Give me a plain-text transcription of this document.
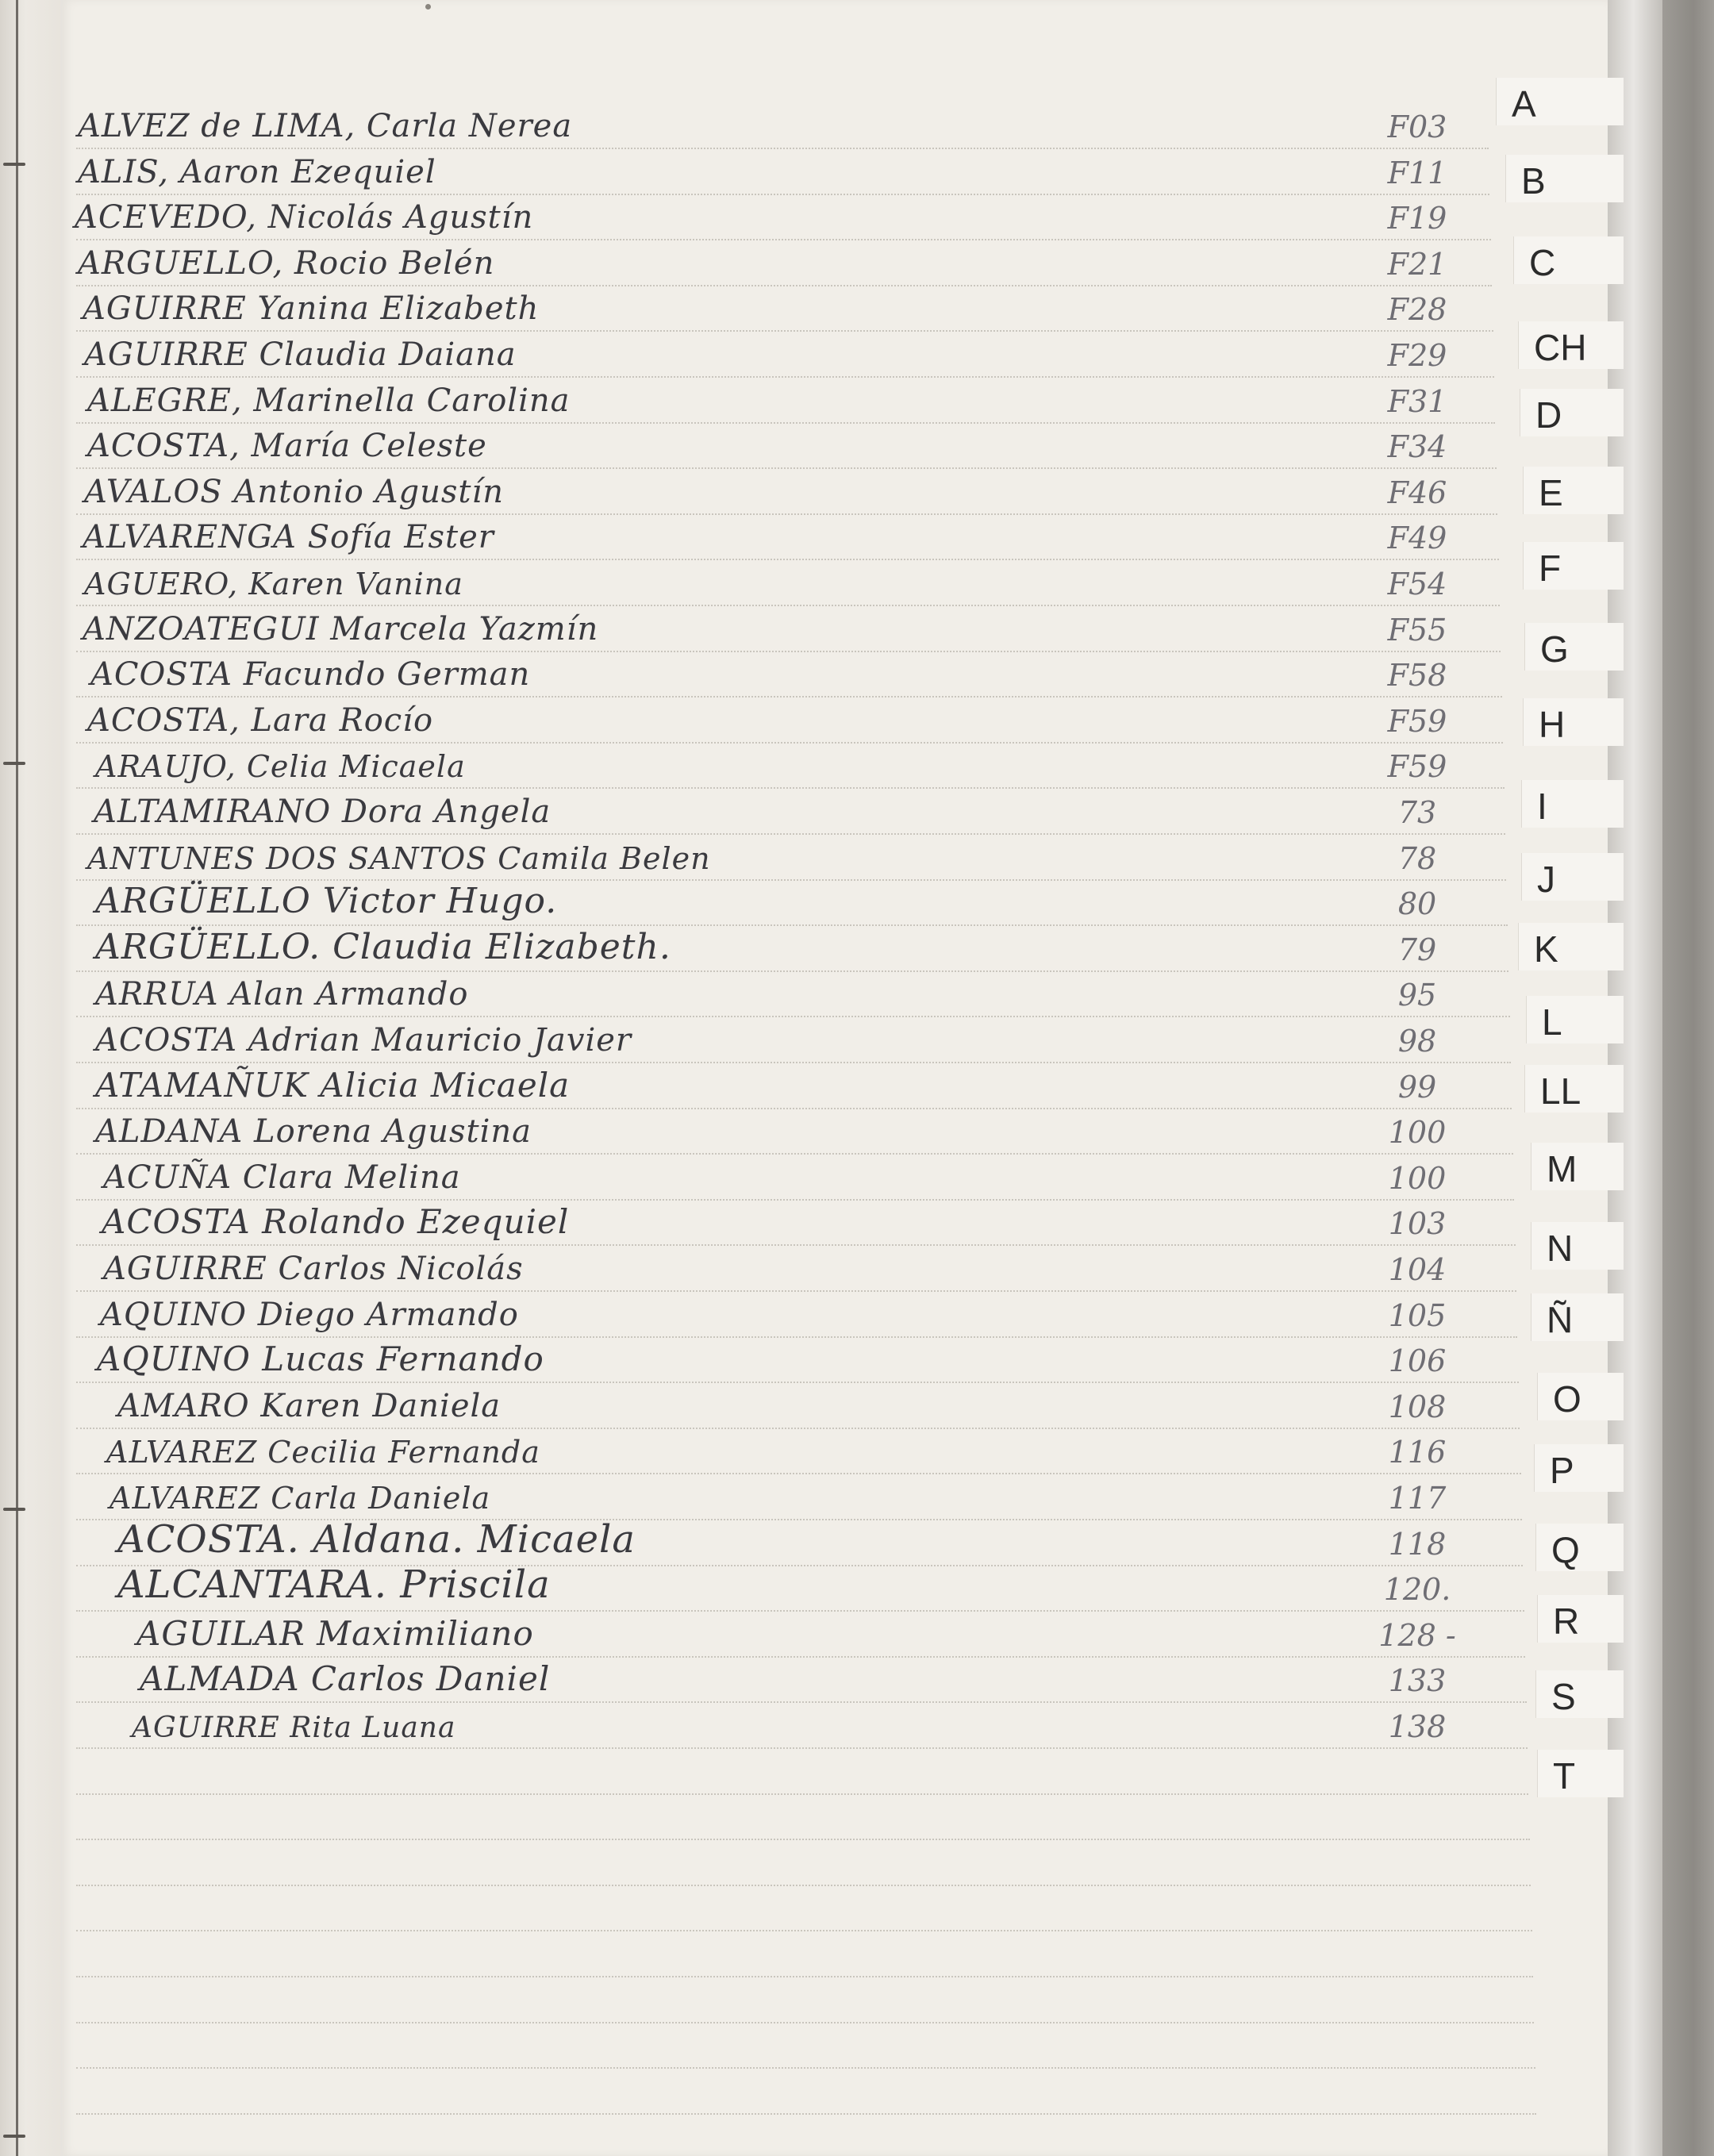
ALVEZ de LIMA, Carla Nerea	F03
ALIS, Aaron Ezequiel	F11
ACEVEDO, Nicolás Agustín	F19
ARGUELLO, Rocio Belén	F21
AGUIRRE Yanina Elizabeth	F28
AGUIRRE Claudia Daiana	F29
ALEGRE, Marinella Carolina	F31
ACOSTA, María Celeste	F34
AVALOS Antonio Agustín	F46
ALVARENGA Sofía Ester	F49
AGUERO, Karen Vanina	F54
ANZOATEGUI Marcela Yazmín	F55
ACOSTA Facundo German	F58
ACOSTA, Lara Rocío	F59
ARAUJO, Celia Micaela	F59
ALTAMIRANO Dora Angela	73
ANTUNES DOS SANTOS Camila Belen	78
ARGÜELLO Victor Hugo.	80
ARGÜELLO. Claudia Elizabeth.	79
ARRUA Alan Armando	95
ACOSTA Adrian Mauricio Javier	98
ATAMAÑUK Alicia Micaela	99
ALDANA Lorena Agustina	100
ACUÑA Clara Melina	100
ACOSTA Rolando Ezequiel	103
AGUIRRE Carlos Nicolás	104
AQUINO Diego Armando	105
AQUINO Lucas Fernando	106
AMARO Karen Daniela	108
ALVAREZ Cecilia Fernanda	116
ALVAREZ Carla Daniela	117
ACOSTA. Aldana. Micaela	118
ALCANTARA. Priscila	120.
AGUILAR Maximiliano	128 -
ALMADA Carlos Daniel	133
AGUIRRE Rita Luana	138
A
B
C
CH
D
E
F
G
H
I
J
K
L
LL
M
N
Ñ
O
P
Q
R
S
T
